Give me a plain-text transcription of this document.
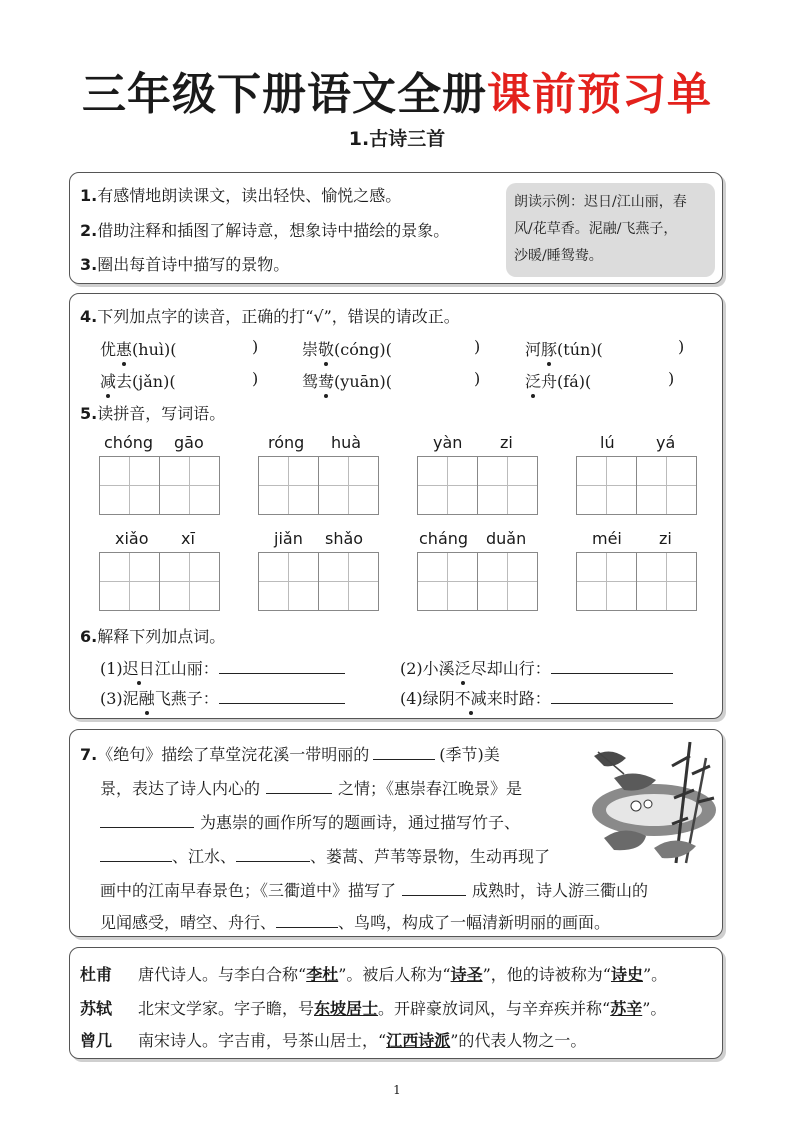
三年级下册语文全册课前预习单
1.古诗三首
1.有感情地朗读课文，读出轻快、愉悦之感。
2.借助注释和插图了解诗意，想象诗中描绘的景象。
3.圈出每首诗中描写的景物。
朗读示例：迟日/江山丽，春
风/花草香。泥融/飞燕子，
沙暖/睡鸳鸯。
4.下列加点字的读音，正确的打“√”，错误的请改正。
优惠(huì)(	)	崇敬(cóng)(	)	河豚(tún)(	)
减去(jǎn)(	)	鸳鸯(yuān)(	)	泛舟(fá)(	)
5.读拼音，写词语。
chóng gāo	róng huà	yàn zi	lú	yá
xiǎo xī	jiǎn shǎo	cháng duǎn	méi zi
6.解释下列加点词。
(1)迟日江山丽：	(2)小溪泛尽却山行：
(3)泥融飞燕子：	(4)绿阴不减来时路：
7.《绝句》描绘了草堂浣花溪一带明丽的	(季节)美
景，表达了诗人内心的	之情；《惠崇春江晚景》是
为惠崇的画作所写的题画诗，通过描写竹子、
、江水、	、蒌蒿、芦苇等景物，生动再现了
画中的江南早春景色；《三衢道中》描写了	成熟时，诗人游三衢山的
见闻感受，晴空、舟行、	、鸟鸣，构成了一幅清新明丽的画面。
杜甫 唐代诗人。与李白合称“李杜”。被后人称为“诗圣”，他的诗被称为“诗史”。
苏轼 北宋文学家。字子瞻，号东坡居士。开辟豪放词风，与辛弃疾并称“苏辛”。
曾几 南宋诗人。字吉甫，号茶山居士，“江西诗派”的代表人物之一。
1
